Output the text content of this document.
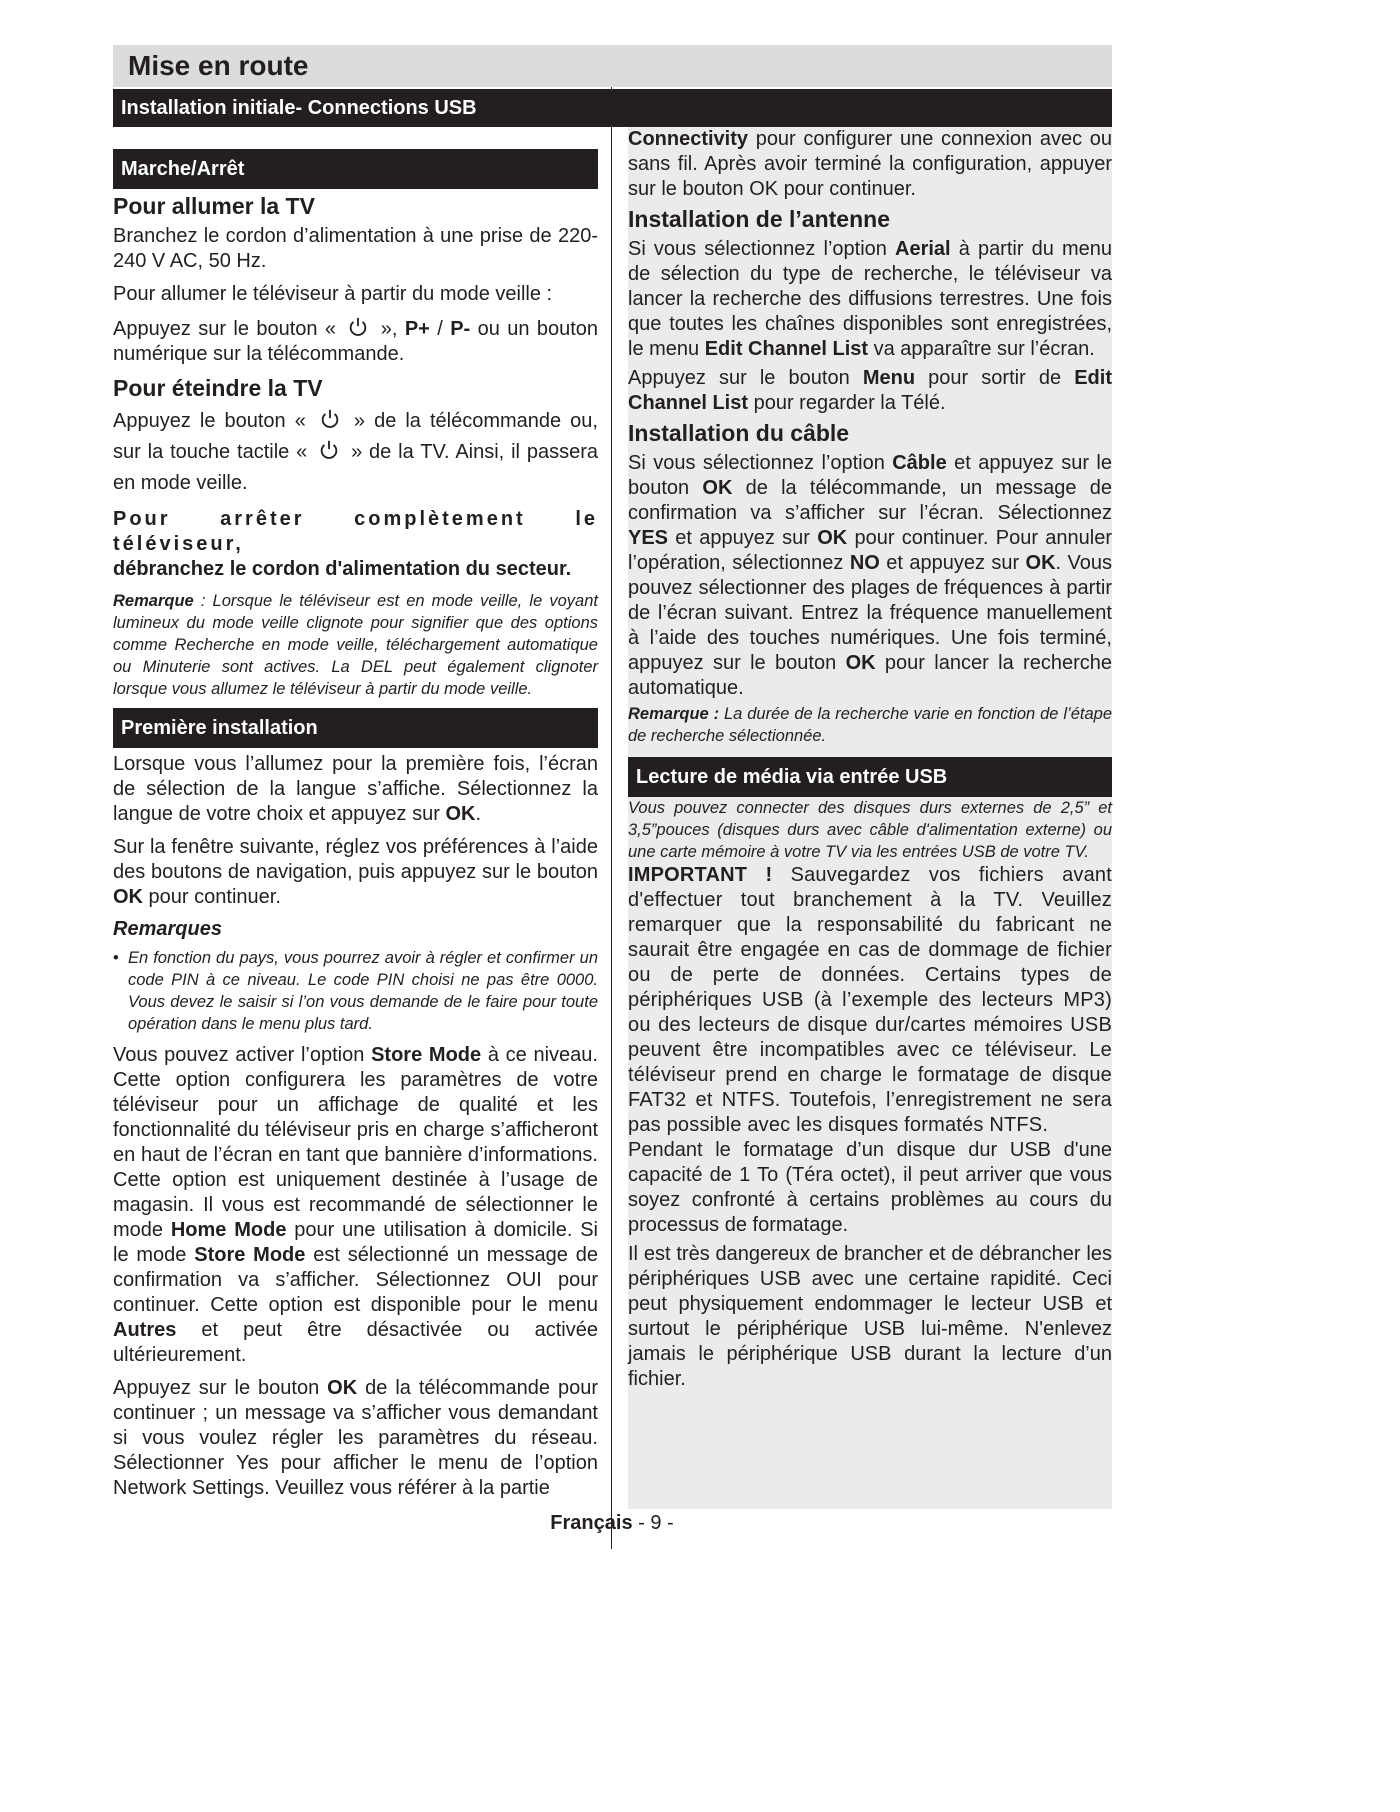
Mise en route
Installation initiale- Connections USB
Marche/Arrêt
Pour allumer la TV

Branchez le cordon d’alimentation à une prise de 220-240 V AC, 50 Hz.

Pour allumer le téléviseur à partir du mode veille :

Appuyez sur le bouton « », P+ / P- ou un bouton numérique sur la télécommande.

Pour éteindre la TV

Appuyez le bouton « » de la télécommande ou, sur la touche tactile « » de la TV. Ainsi, il passera en mode veille.

Pour arrêter complètement le téléviseur,
débranchez le cordon d'alimentation du secteur.
Remarque : Lorsque le téléviseur est en mode veille, le voyant lumineux du mode veille clignote pour signifier que des options comme Recherche en mode veille, téléchargement automatique ou Minuterie sont actives. La DEL peut également clignoter lorsque vous allumez le téléviseur à partir du mode veille.
Première installation

Lorsque vous l’allumez pour la première fois, l’écran de sélection de la langue s’affiche. Sélectionnez la langue de votre choix et appuyez sur OK.

Sur la fenêtre suivante, réglez vos préférences à l’aide des boutons de navigation, puis appuyez sur le bouton OK pour continuer.

Remarques
• En fonction du pays, vous pourrez avoir à régler et confirmer un code PIN à ce niveau. Le code PIN choisi ne pas être 0000. Vous devez le saisir si l’on vous demande de le faire pour toute opération dans le menu plus tard.

Vous pouvez activer l’option Store Mode à ce niveau. Cette option configurera les paramètres de votre téléviseur pour un affichage de qualité et les fonctionnalité du téléviseur pris en charge s’afficheront en haut de l’écran en tant que bannière d’informations. Cette option est uniquement destinée à l’usage de magasin. Il vous est recommandé de sélectionner le mode Home Mode pour une utilisation à domicile. Si le mode Store Mode est sélectionné un message de confirmation va s’afficher. Sélectionnez OUI pour continuer. Cette option est disponible pour le menu Autres et peut être désactivée ou activée ultérieurement.

Appuyez sur le bouton OK de la télécommande pour continuer ; un message va s’afficher vous demandant si vous voulez régler les paramètres du réseau. Sélectionner Yes pour afficher le menu de l’option Network Settings. Veuillez vous référer à la partie

Connectivity pour configurer une connexion avec ou sans fil. Après avoir terminé la configuration, appuyer sur le bouton OK pour continuer.

Installation de l’antenne

Si vous sélectionnez l’option Aerial à partir du menu de sélection du type de recherche, le téléviseur va lancer la recherche des diffusions terrestres. Une fois que toutes les chaînes disponibles sont enregistrées, le menu Edit Channel List va apparaître sur l’écran.

Appuyez sur le bouton Menu pour sortir de Edit Channel List pour regarder la Télé.

Installation du câble

Si vous sélectionnez l’option Câble et appuyez sur le bouton OK de la télécommande, un message de confirmation va s’afficher sur l’écran. Sélectionnez YES et appuyez sur OK pour continuer. Pour annuler l’opération, sélectionnez NO et appuyez sur OK. Vous pouvez sélectionner des plages de fréquences à partir de l’écran suivant. Entrez la fréquence manuellement à l’aide des touches numériques. Une fois terminé, appuyez sur le bouton OK pour lancer la recherche automatique.

Remarque : La durée de la recherche varie en fonction de l’étape de recherche sélectionnée.
Lecture de média via entrée USB

Vous pouvez connecter des disques durs externes de 2,5” et 3,5”pouces (disques durs avec câble d'alimentation externe) ou une carte mémoire à votre TV via les entrées USB de votre TV.

IMPORTANT ! Sauvegardez vos fichiers avant d'effectuer tout branchement à la TV. Veuillez remarquer que la responsabilité du fabricant ne saurait être engagée en cas de dommage de fichier ou de perte de données. Certains types de périphériques USB (à l’exemple des lecteurs MP3) ou des lecteurs de disque dur/cartes mémoires USB peuvent être incompatibles avec ce téléviseur. Le téléviseur prend en charge le formatage de disque FAT32 et NTFS. Toutefois, l’enregistrement ne sera pas possible avec les disques formatés NTFS.

Pendant le formatage d’un disque dur USB d'une capacité de 1 To (Téra octet), il peut arriver que vous soyez confronté à certains problèmes au cours du processus de formatage.

Il est très dangereux de brancher et de débrancher les périphériques USB avec une certaine rapidité. Ceci peut physiquement endommager le lecteur USB et surtout le périphérique USB lui-même. N'enlevez jamais le périphérique USB durant la lecture d’un fichier.

Français - 9 -
